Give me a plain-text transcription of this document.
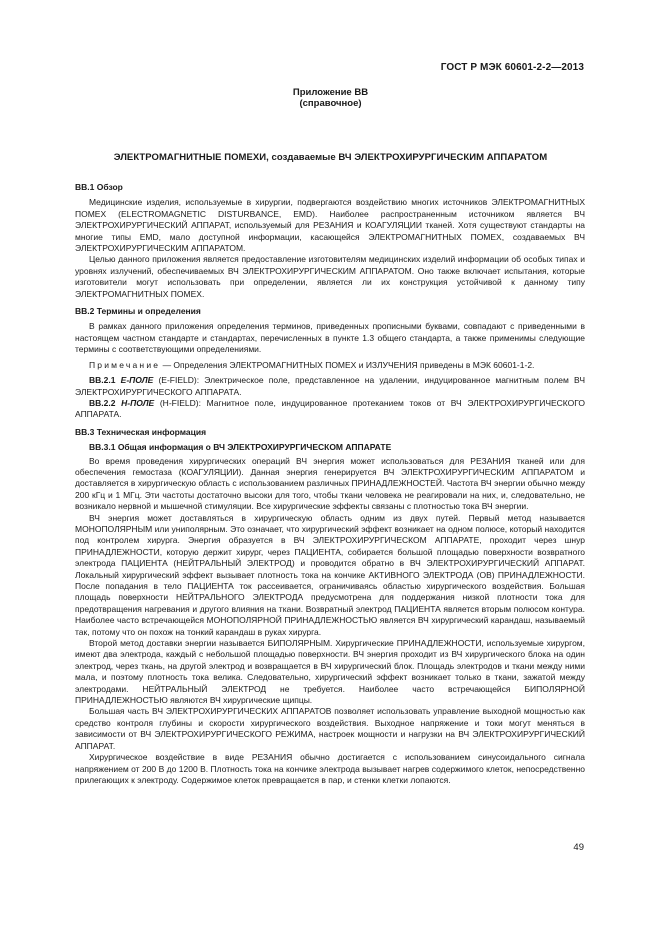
ГОСТ Р МЭК 60601-2-2—2013
Приложение ВВ
(справочное)
ЭЛЕКТРОМАГНИТНЫЕ ПОМЕХИ, создаваемые ВЧ ЭЛЕКТРОХИРУРГИЧЕСКИМ АППАРАТОМ

ВВ.1 Обзор

Медицинские изделия, используемые в хирургии, подвергаются воздействию многих источников ЭЛЕКТРОМАГНИТНЫХ ПОМЕХ (ELECTROMAGNETIC DISTURBANCE, EMD). Наиболее распространенным источником является ВЧ ЭЛЕКТРОХИРУРГИЧЕСКИЙ АППАРАТ, используемый для РЕЗАНИЯ и КОАГУЛЯЦИИ тканей. Хотя существуют стандарты на многие типы EMD, мало доступной информации, касающейся ЭЛЕКТРОМАГНИТНЫХ ПОМЕХ, создаваемых ВЧ ЭЛЕКТРОХИРУРГИЧЕСКИМ АППАРАТОМ.

Целью данного приложения является предоставление изготовителям медицинских изделий информации об особых типах и уровнях излучений, обеспечиваемых ВЧ ЭЛЕКТРОХИРУРГИЧЕСКИМ АППАРАТОМ. Оно также включает испытания, которые изготовители могут использовать при определении, является ли их конструкция устойчивой к данному типу ЭЛЕКТРОМАГНИТНЫХ ПОМЕХ.

ВВ.2 Термины и определения

В рамках данного приложения определения терминов, приведенных прописными буквами, совпадают с приведенными в настоящем частном стандарте и стандартах, перечисленных в пункте 1.3 общего стандарта, а также применимы следующие термины с соответствующими определениями.

Примечание — Определения ЭЛЕКТРОМАГНИТНЫХ ПОМЕХ и ИЗЛУЧЕНИЯ приведены в МЭК 60601-1-2.

ВВ.2.1 Е-ПОЛЕ (E-FIELD): Электрическое поле, представленное на удалении, индуцированное магнитным полем ВЧ ЭЛЕКТРОХИРУРГИЧЕСКОГО АППАРАТА.

ВВ.2.2 Н-ПОЛЕ (H-FIELD): Магнитное поле, индуцированное протеканием токов от ВЧ ЭЛЕКТРОХИРУРГИЧЕСКОГО АППАРАТА.

ВВ.3 Техническая информация

ВВ.3.1 Общая информация о ВЧ ЭЛЕКТРОХИРУРГИЧЕСКОМ АППАРАТЕ

Во время проведения хирургических операций ВЧ энергия может использоваться для РЕЗАНИЯ тканей или для обеспечения гемостаза (КОАГУЛЯЦИИ). Данная энергия генерируется ВЧ ЭЛЕКТРОХИРУРГИЧЕСКИМ АППАРАТОМ и доставляется в хирургическую область с использованием различных ПРИНАДЛЕЖНОСТЕЙ. Частота ВЧ энергии обычно между 200 кГц и 1 МГц. Эти частоты достаточно высоки для того, чтобы ткани человека не реагировали на них, и, следовательно, не возникало нервной и мышечной стимуляции. Все хирургические эффекты связаны с плотностью тока ВЧ энергии.

ВЧ энергия может доставляться в хирургическую область одним из двух путей. Первый метод называется МОНОПОЛЯРНЫМ или униполярным. Это означает, что хирургический эффект возникает на одном полюсе, который находится под контролем хирурга. Энергия образуется в ВЧ ЭЛЕКТРОХИРУРГИЧЕСКОМ АППАРАТЕ, проходит через шнур ПРИНАДЛЕЖНОСТИ, которую держит хирург, через ПАЦИЕНТА, собирается большой площадью поверхности возвратного электрода ПАЦИЕНТА (НЕЙТРАЛЬНЫЙ ЭЛЕКТРОД) и проводится обратно в ВЧ ЭЛЕКТРОХИРУРГИЧЕСКИЙ АППАРАТ. Локальный хирургический эффект вызывает плотность тока на кончике АКТИВНОГО ЭЛЕКТРОДА (ОВ) ПРИНАДЛЕЖНОСТИ. После попадания в тело ПАЦИЕНТА ток рассеивается, ограничиваясь областью хирургического воздействия. Большая площадь поверхности НЕЙТРАЛЬНОГО ЭЛЕКТРОДА предусмотрена для поддержания низкой плотности тока для предотвращения нагревания и другого влияния на ткани. Возвратный электрод ПАЦИЕНТА является вторым полюсом контура. Наиболее часто встречающейся МОНОПОЛЯРНОЙ ПРИНАДЛЕЖНОСТЬЮ является ВЧ хирургический карандаш, называемый так, потому что он похож на тонкий карандаш в руках хирурга.

Второй метод доставки энергии называется БИПОЛЯРНЫМ. Хирургические ПРИНАДЛЕЖНОСТИ, используемые хирургом, имеют два электрода, каждый с небольшой площадью поверхности. ВЧ энергия проходит из ВЧ хирургического блока на один электрод, через ткань, на другой электрод и возвращается в ВЧ хирургический блок. Площадь электродов и ткани между ними мала, и поэтому плотность тока велика. Следовательно, хирургический эффект возникает только в ткани, зажатой между электродами. НЕЙТРАЛЬНЫЙ ЭЛЕКТРОД не требуется. Наиболее часто встречающейся БИПОЛЯРНОЙ ПРИНАДЛЕЖНОСТЬЮ являются ВЧ хирургические щипцы.

Большая часть ВЧ ЭЛЕКТРОХИРУРГИЧЕСКИХ АППАРАТОВ позволяет использовать управление выходной мощностью как средство контроля глубины и скорости хирургического воздействия. Выходное напряжение и токи могут меняться в зависимости от ВЧ ЭЛЕКТРОХИРУРГИЧЕСКОГО РЕЖИМА, настроек мощности и нагрузки на ВЧ ЭЛЕКТРОХИРУРГИЧЕСКИЙ АППАРАТ.

Хирургическое воздействие в виде РЕЗАНИЯ обычно достигается с использованием синусоидального сигнала напряжением от 200 В до 1200 В. Плотность тока на кончике электрода вызывает нагрев содержимого клеток, непосредственно прилегающих к электроду. Содержимое клеток превращается в пар, и стенки клетки лопаются.

49
